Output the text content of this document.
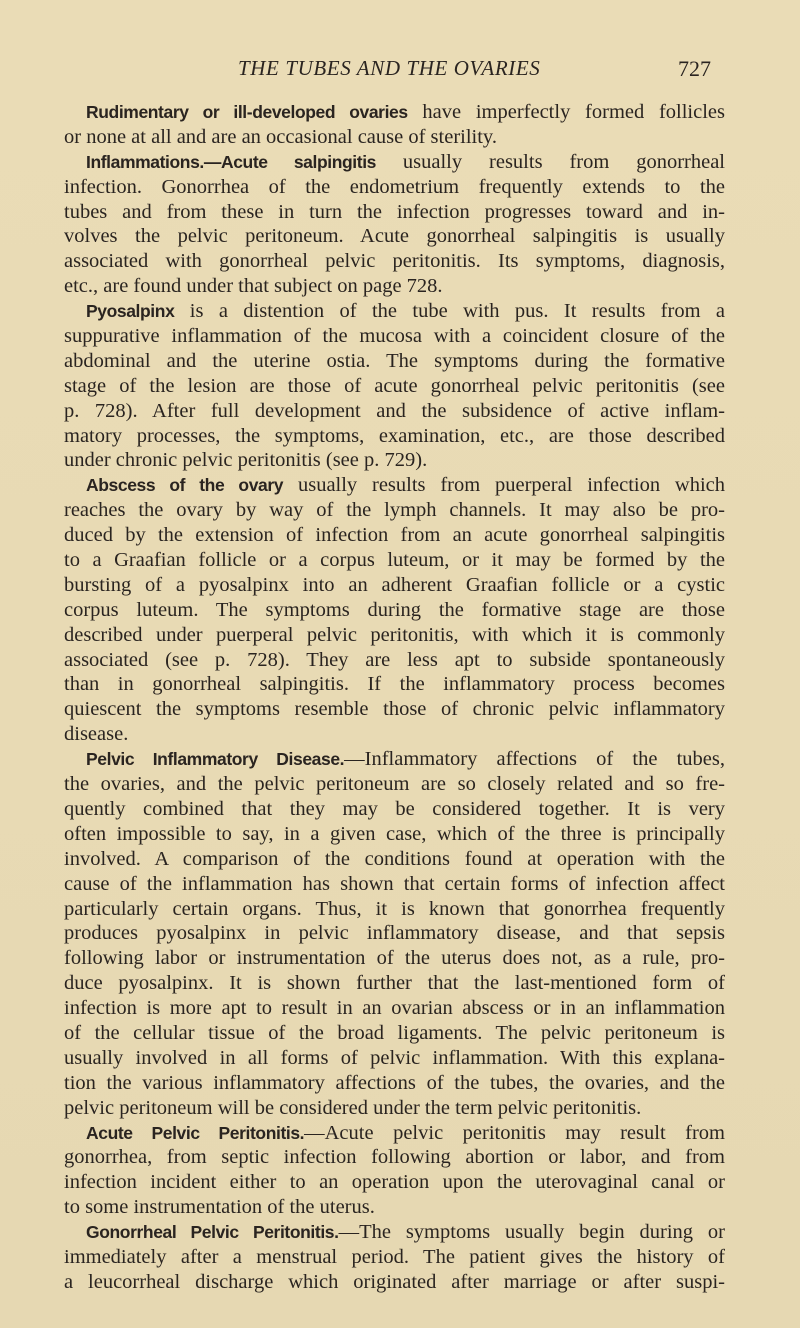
THE TUBES AND THE OVARIES	727
Rudimentary or ill-developed ovaries have imperfectly formed follicles
or none at all and are an occasional cause of sterility.
Inflammations.—Acute salpingitis usually results from gonorrheal
infection. Gonorrhea of the endometrium frequently extends to the
tubes and from these in turn the infection progresses toward and in-
volves the pelvic peritoneum. Acute gonorrheal salpingitis is usually
associated with gonorrheal pelvic peritonitis. Its symptoms, diagnosis,
etc., are found under that subject on page 728.
Pyosalpinx is a distention of the tube with pus. It results from a
suppurative inflammation of the mucosa with a coincident closure of the
abdominal and the uterine ostia. The symptoms during the formative
stage of the lesion are those of acute gonorrheal pelvic peritonitis (see
p. 728). After full development and the subsidence of active inflam-
matory processes, the symptoms, examination, etc., are those described
under chronic pelvic peritonitis (see p. 729).
Abscess of the ovary usually results from puerperal infection which
reaches the ovary by way of the lymph channels. It may also be pro-
duced by the extension of infection from an acute gonorrheal salpingitis
to a Graafian follicle or a corpus luteum, or it may be formed by the
bursting of a pyosalpinx into an adherent Graafian follicle or a cystic
corpus luteum. The symptoms during the formative stage are those
described under puerperal pelvic peritonitis, with which it is commonly
associated (see p. 728). They are less apt to subside spontaneously
than in gonorrheal salpingitis. If the inflammatory process becomes
quiescent the symptoms resemble those of chronic pelvic inflammatory
disease.
Pelvic Inflammatory Disease.—Inflammatory affections of the tubes,
the ovaries, and the pelvic peritoneum are so closely related and so fre-
quently combined that they may be considered together. It is very
often impossible to say, in a given case, which of the three is principally
involved. A comparison of the conditions found at operation with the
cause of the inflammation has shown that certain forms of infection affect
particularly certain organs. Thus, it is known that gonorrhea frequently
produces pyosalpinx in pelvic inflammatory disease, and that sepsis
following labor or instrumentation of the uterus does not, as a rule, pro-
duce pyosalpinx. It is shown further that the last-mentioned form of
infection is more apt to result in an ovarian abscess or in an inflammation
of the cellular tissue of the broad ligaments. The pelvic peritoneum is
usually involved in all forms of pelvic inflammation. With this explana-
tion the various inflammatory affections of the tubes, the ovaries, and the
pelvic peritoneum will be considered under the term pelvic peritonitis.
Acute Pelvic Peritonitis.—Acute pelvic peritonitis may result from
gonorrhea, from septic infection following abortion or labor, and from
infection incident either to an operation upon the uterovaginal canal or
to some instrumentation of the uterus.
Gonorrheal Pelvic Peritonitis.—The symptoms usually begin during or
immediately after a menstrual period. The patient gives the history of
a leucorrheal discharge which originated after marriage or after suspi-
